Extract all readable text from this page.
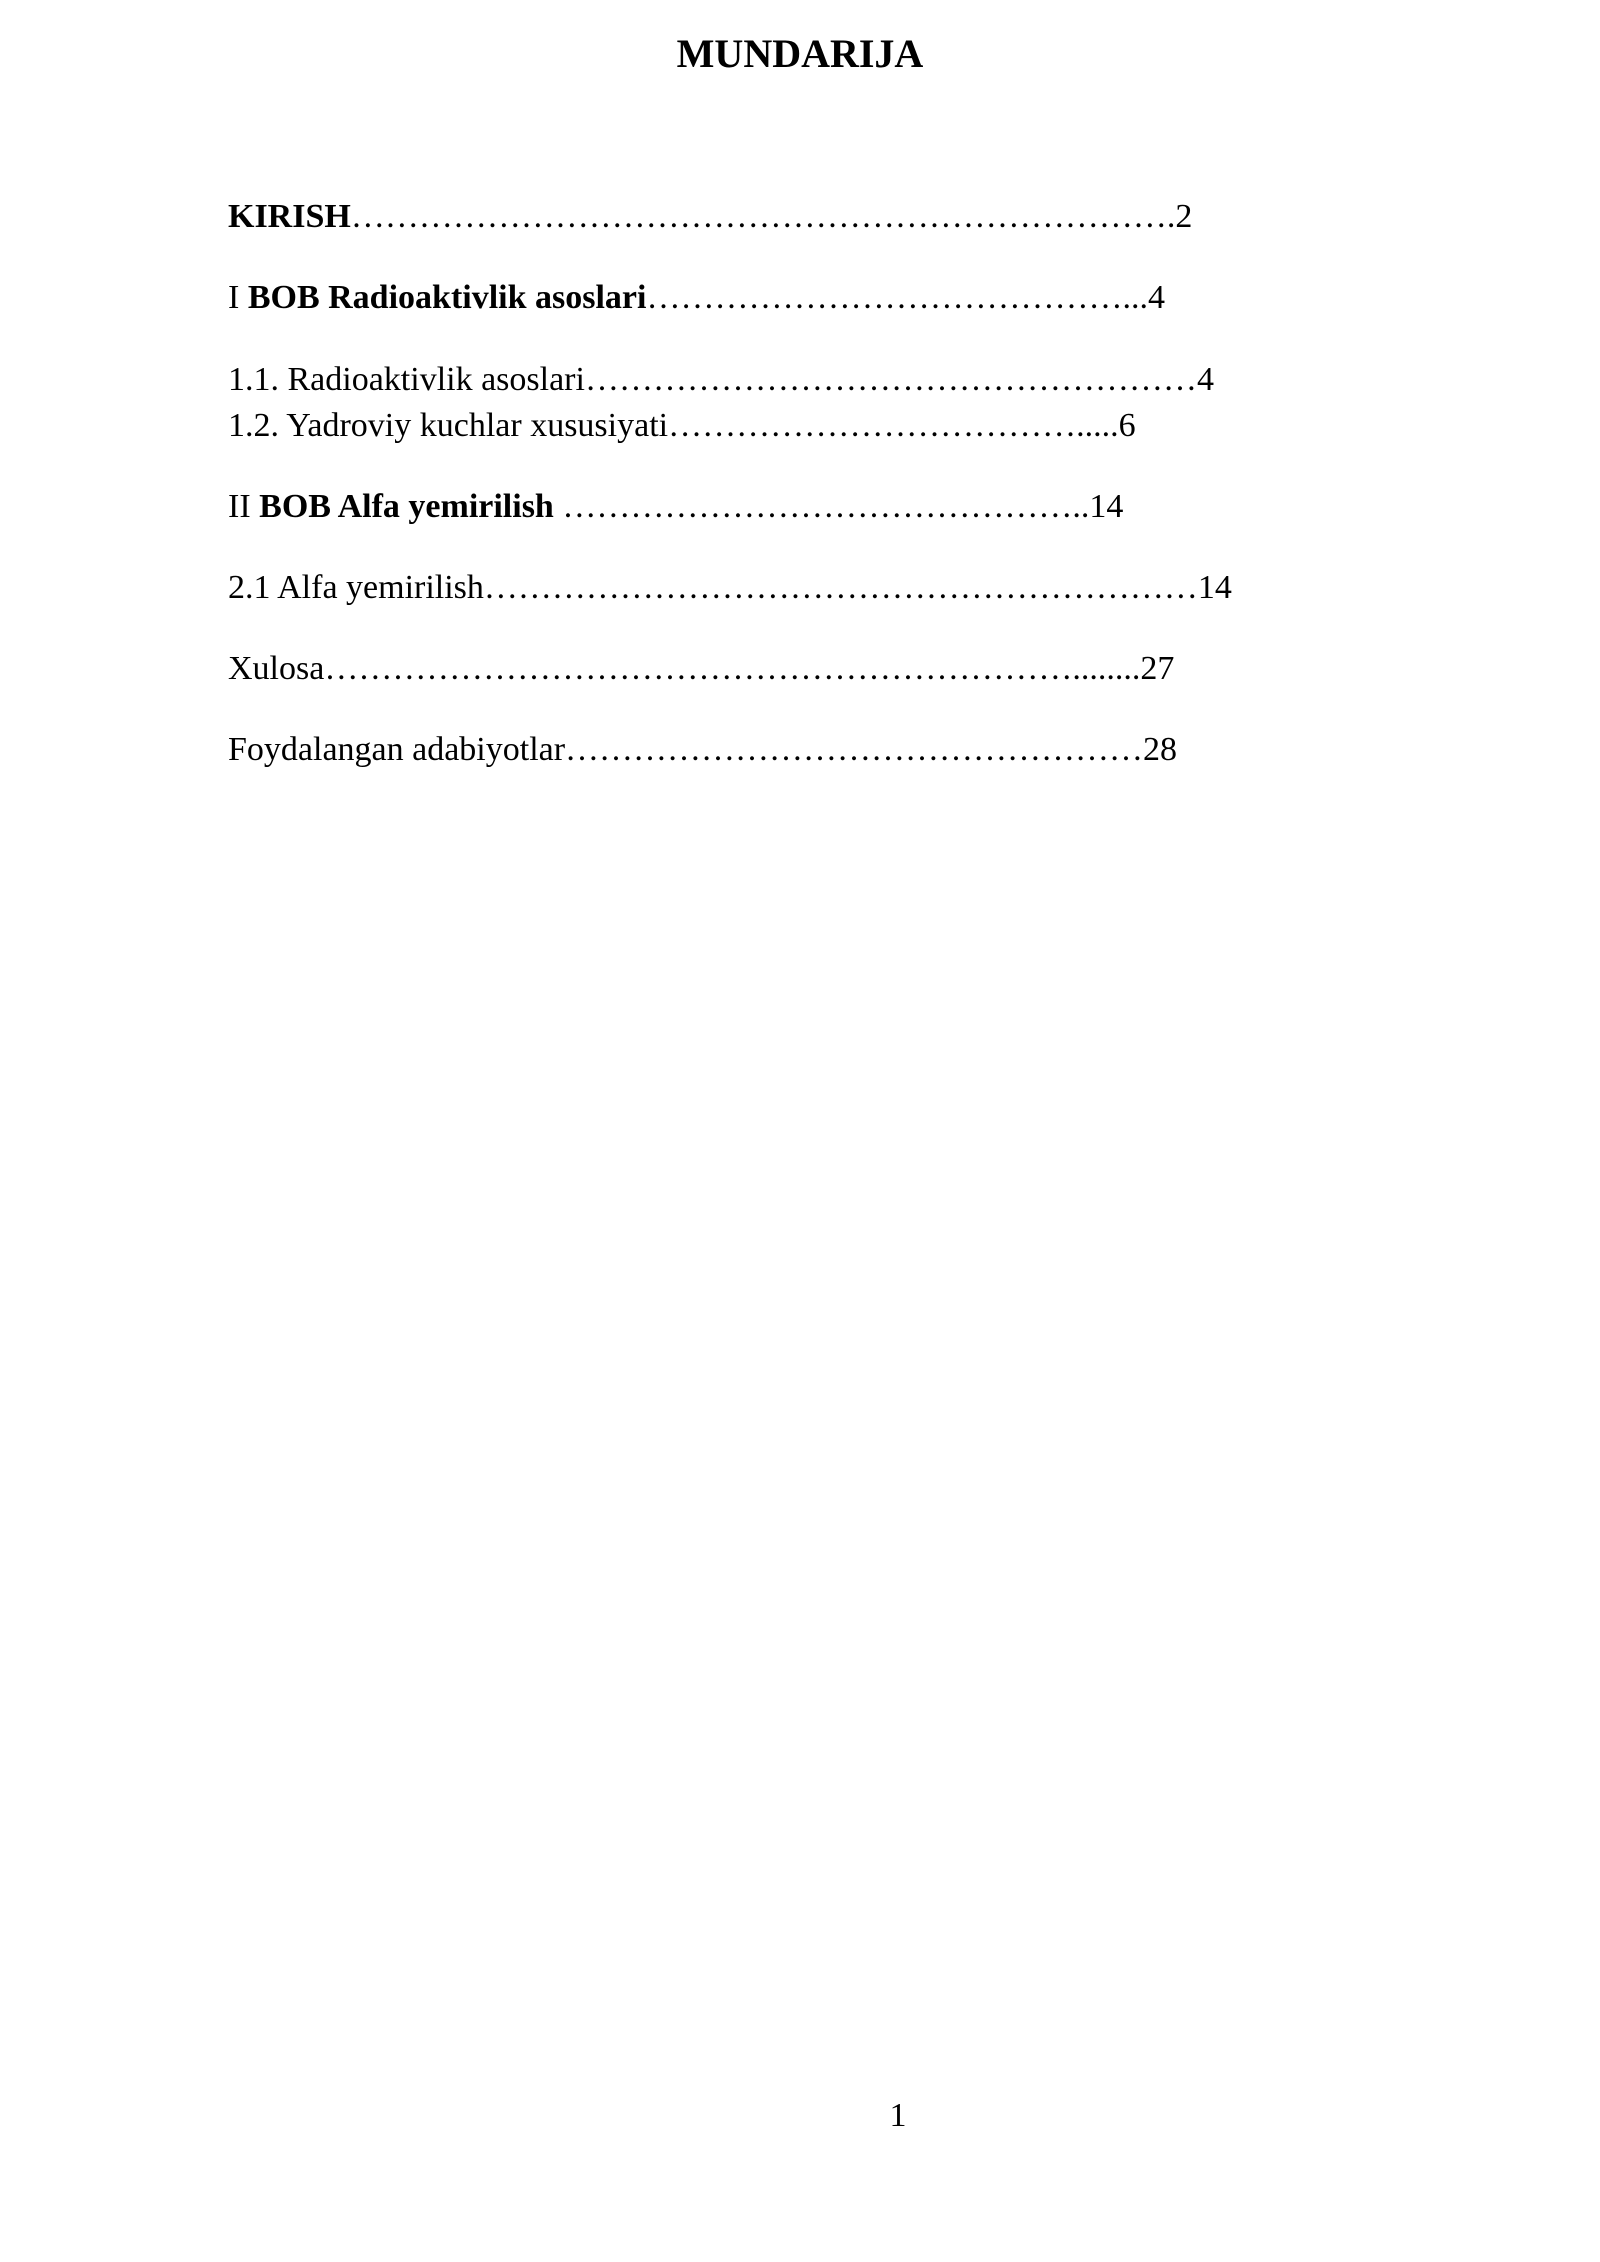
MUNDARIJA
KIRISH……………………………………………………………….2
I BOB Radioaktivlik asoslari……………………………………...4
1.1. Radioaktivlik asoslari………………………………………………4
1.2. Yadroviy kuchlar xususiyati……………………………….....6
II BOB Alfa yemirilish ………………………………………..14
2.1 Alfa yemirilish………………………………………………………14
Xulosa…………………………………………………………........27
Foydalangan adabiyotlar……………………………………………28
1
